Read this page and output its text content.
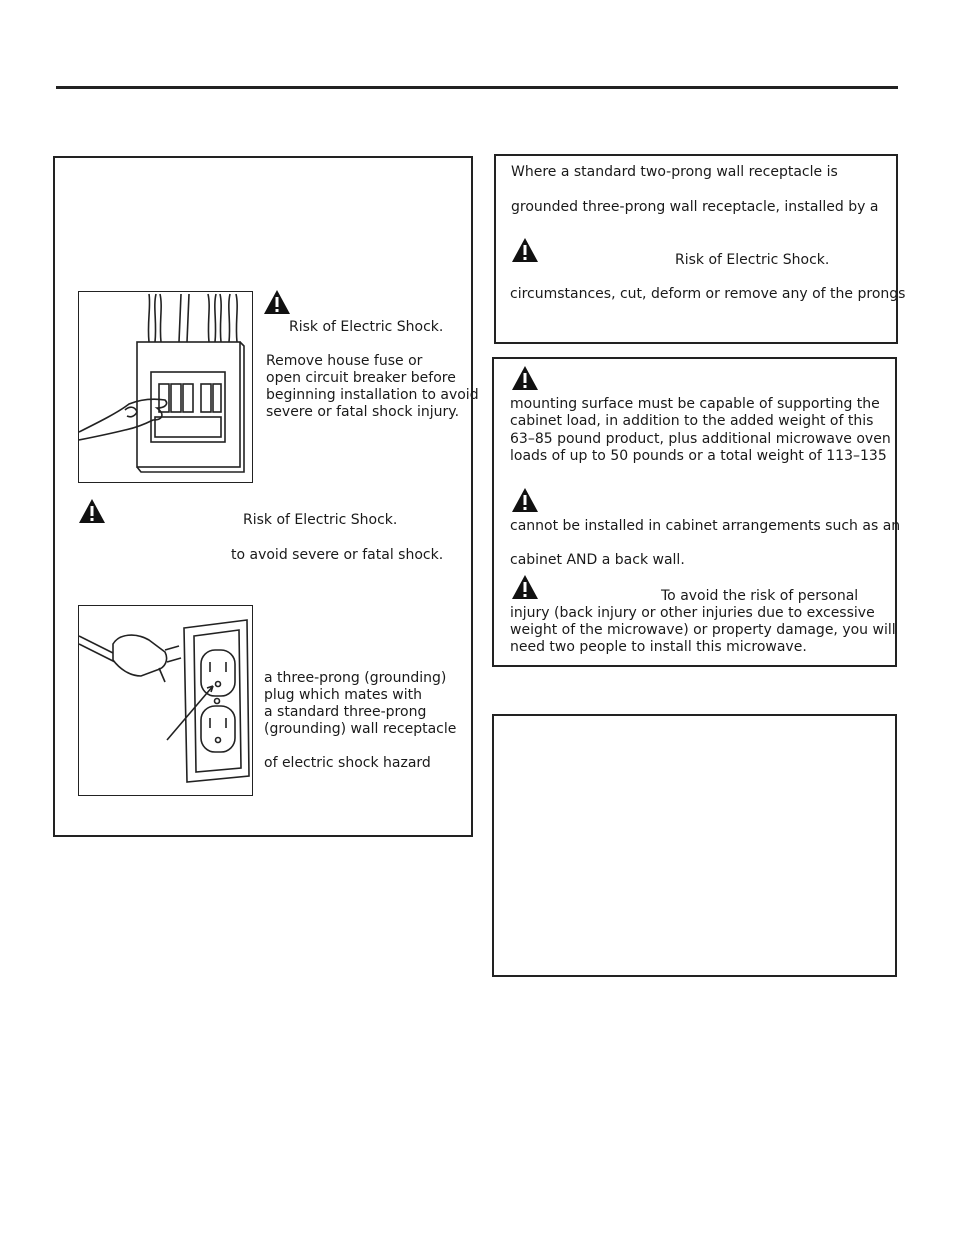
Risk of Electric Shock.
Remove house fuse or
open circuit breaker before
beginning installation to avoid
severe or fatal shock injury.
Risk of Electric Shock.
to avoid severe or fatal shock.
a three-prong (grounding)
plug which mates with
a standard three-prong
(grounding) wall receptacle
of electric shock hazard
Where a standard two-prong wall receptacle is
grounded three-prong wall receptacle, installed by a
Risk of Electric Shock.
circumstances, cut, deform or remove any of the prongs
mounting surface must be capable of supporting the
cabinet load, in addition to the added weight of this
63–85 pound product, plus additional microwave oven
loads of up to 50 pounds or a total weight of 113–135
cannot be installed in cabinet arrangements such as an
cabinet AND a back wall.
To avoid the risk of personal
injury (back injury or other injuries due to excessive
weight of the microwave) or property damage, you will
need two people to install this microwave.
